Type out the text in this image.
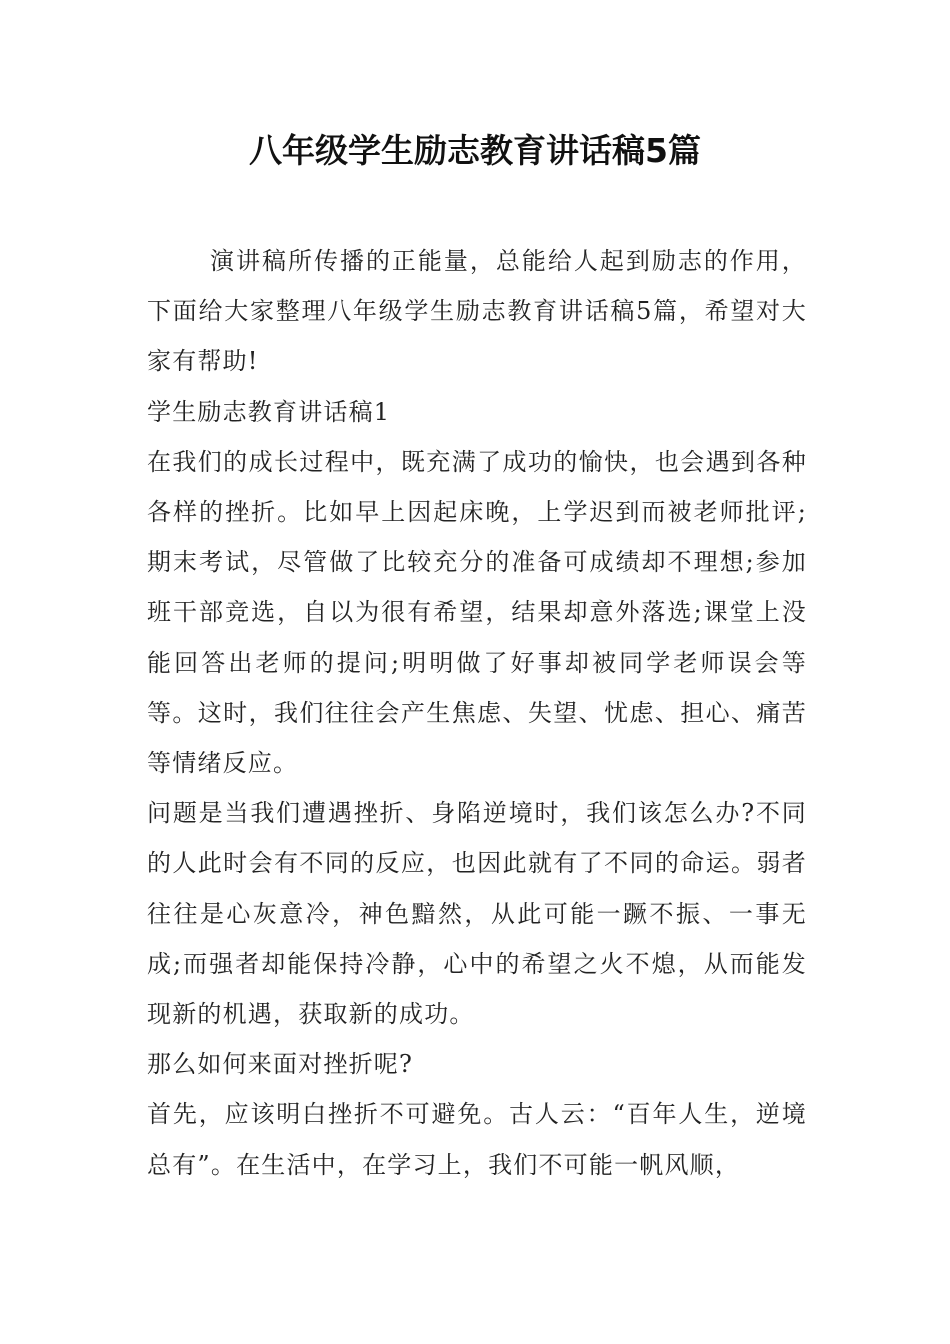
八年级学生励志教育讲话稿5篇

演讲稿所传播的正能量，总能给人起到励志的作用，下面给大家整理八年级学生励志教育讲话稿5篇，希望对大家有帮助!

学生励志教育讲话稿1

在我们的成长过程中，既充满了成功的愉快，也会遇到各种各样的挫折。比如早上因起床晚，上学迟到而被老师批评;期末考试，尽管做了比较充分的准备可成绩却不理想;参加班干部竞选，自以为很有希望，结果却意外落选;课堂上没能回答出老师的提问;明明做了好事却被同学老师误会等等。这时，我们往往会产生焦虑、失望、忧虑、担心、痛苦等情绪反应。

问题是当我们遭遇挫折、身陷逆境时，我们该怎么办?不同的人此时会有不同的反应，也因此就有了不同的命运。弱者往往是心灰意冷，神色黯然，从此可能一蹶不振、一事无成;而强者却能保持冷静，心中的希望之火不熄，从而能发现新的机遇，获取新的成功。

那么如何来面对挫折呢?

首先，应该明白挫折不可避免。古人云：“百年人生，逆境总有”。在生活中，在学习上，我们不可能一帆风顺，
